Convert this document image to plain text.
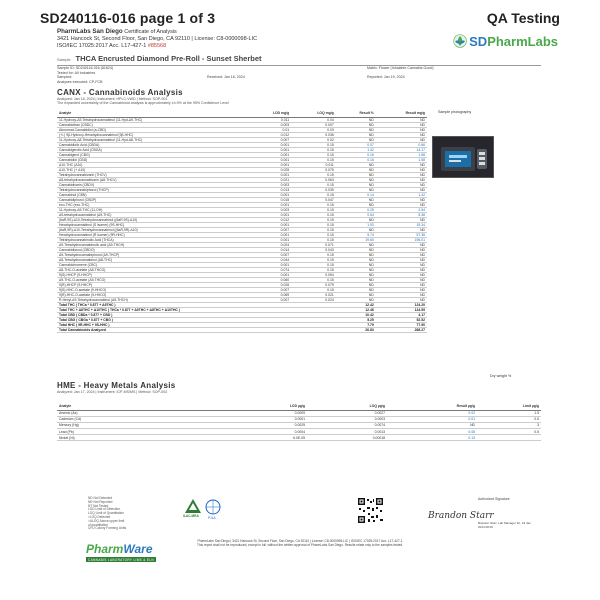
SD240116-016 page 1 of 3	QA Testing
PharmLabs San Diego Certificate of Analysis
3421 Hancock St, Second Floor, San Diego, CA 92110 | License: C8-0000098-LIC
ISO/IEC 17025:2017 Acc. L17-427-1 #85568	SDPharmLabs
Sample THCA Encrusted Diamond Pre-Roll - Sunset Sherbet
Sample ID: SD240116-016 (81624)	Matrix: Flower (Inhalable Cannabis Good)
Tested for: All Industries
Sampled:	Received: Jan 16, 2024	Reported: Jan 19, 2024
Analyses executed: CP-FCB
CANX - Cannabinoids Analysis
Analyzed: Jan 18, 2024 | Instrument: HPLC-VWD | Method: SOP-001
The expanded uncertainty of the Cannabinoid analysis is approximately ±4.9% at the 95% Confidence Level
Analyte	LOD mg/g	LOQ mg/g	Result %	Result mg/g
11-Hydroxy-Δ9-Tetrahydrocannabinol (11-Hyd-Δ9-THC)	0.011	0.04	ND	ND
Cannabicitran (CBDC)	0.003	0.007	ND	ND
Abnormal-Cannabidiol (a-CBD)	0.01	0.03	ND	ND
(+/-) 9β-Hydroxy-Hexahydrocannabinol (9β-HHC)	0.012	0.036	ND	ND
11-Hydroxy-Δ8-Tetrahydrocannabinol (11-Hyd-Δ8-THC)	0.007	0.02	ND	ND
Cannabidiolic Acid (CBDA)	0.001	0.15	0.07	0.66
Cannabigerolic Acid (CBGA)	0.001	0.15	1.42	14.17
Cannabigerol (CBG)	0.001	0.15	0.16	1.58
Cannabidiol (CBD)	0.001	0.15	0.16	1.58
Δ10-THC (Δ10)	0.001	0.011	ND	ND
Δ10-THC (+ Δ10)	0.025	0.075	ND	ND
Tetrahydrocannabivarin (THCV)	0.001	0.15	ND	ND
Δ8-tetrahydrocannabivarin (Δ8-THCV)	0.021	0.063	ND	ND
Cannabidivarin (CBDV)	0.003	0.15	ND	ND
Tetrahydrocannabiphorol (THCP)	0.013	0.039	ND	ND
Cannabinol (CBN)	0.001	0.15	0.14	1.42
Cannabidiphorol (CBDP)	0.015	0.047	ND	ND
exo-THC (exo-THC)	0.001	0.15	ND	ND
11-Hydroxy-Δ9-THC (11-OH)	0.003	0.15	0.25	2.54
Δ9-tetrahydrocannabinol (Δ9-THC)	0.001	0.15	0.54	5.38
(6aR,9S)-Δ10-Tetrahydrocannabinol ((6aR,9S)-Δ10)	0.012	0.15	ND	ND
Hexahydrocannabinol (S isomer) (9S-HHC)	0.001	0.15	1.93	19.34
(6aR,9R)-Δ10-Tetrahydrocannabinol ((6aR,9R)-Δ10)	0.007	0.15	ND	ND
Hexahydrocannabinol (R isomer) (9R-HHC)	0.001	0.15	5.74	57.36
Tetrahydrocannabinolic Acid (THCA)	0.001	0.15	19.60	196.01
Δ9-Tetrahydrocannabinolic acid (Δ9-THCH)	0.024	0.071	ND	ND
Cannabidiorcol (CBDO)	0.014	0.043	ND	ND
Δ9-Tetrahydrocannabiphorol (Δ9-THCP)	0.007	0.15	ND	ND
Δ8-Tetrahydrocannabinol (Δ8-THC)	0.044	0.15	ND	ND
Cannabichromene (CBC)	0.001	0.15	ND	ND
Δ8-THC-O-acetate (Δ8-THCO)	0.074	0.15	ND	ND
9(S)-HHCP (9-HHCP)	0.001	0.054	ND	ND
Δ9-THC-O-acetate (Δ9-THCO)	0.060	0.15	ND	ND
9(R)-HHCP (9-HHCP)	0.026	0.079	ND	ND
9(S)-HHC-O-acetate (9-HHCO)	0.007	0.15	ND	ND
9(R)-HHC-O-acetate (9-HHCO)	0.069	0.021	ND	ND
R-Hexyl-Δ9-Tetrahydrocannabinol (Δ9-THCH)	0.007	0.024	ND	ND
Total THC ( THCa * 0.877 + Δ9THC )			12.42	124.20
Total THC + Δ8THC + Δ10THC ( THCa * 0.877 + Δ9THC + Δ8THC + Δ10THC )			12.46	124.59
Total CBD ( CBDa * 0.877 + CBD )			10.42	4.17
Total CBG ( CBGa * 0.877 + CBG )			5.25	52.52
Total HHC ( 9R-HHC + 9S-HHC )			7.79	77.90
Total Cannabinoids Analyzed			26.83	268.27
Sample photography
Dry weight %
HME - Heavy Metals Analysis
Analyzed: Jan 17, 2024 | Instrument: ICP-MS/MS | Method: SOP-003
Analyte	LOD µg/g	LOQ µg/g	Result µg/g	Limit µg/g
Arsenic (As)	0.0009	0.0027	0.02	1.5
Cadmium (Cd)	0.0001	0.0003	0.01	0.5
Mercury (Hg)	0.0025	0.0074	ND	3
Lead (Pb)	0.0004	0.0013	0.08	0.5
Nickel (Ni)	6.0E-05	0.00018	0.13	
ND Not Detected
NR Not Reported
NT Not Tested
LOD Limit of Detection
LOQ Limit of Quantitation
<LOQ Detected
>ULOQ Above upper limit
of quantitation
CFU Colony Forming Units
PharmWare
CANNABIS LABORATORY LIMS & ELN
ILAC-MRA	PJLA
Authorized Signature
Brandon Starr
Brandon Starr, Lab Manager Fri, 19 Jan 2024 08:00
PharmLabs San Diego | 3421 Hancock St, Second Floor, San Diego, CA 92110 | License: C8-0000098-LIC | ISO/IEC 17025:2017 Acc. L17-427-1
This report shall not be reproduced, except in full, without the written approval of PharmLabs San Diego. Results relate only to the samples tested.
